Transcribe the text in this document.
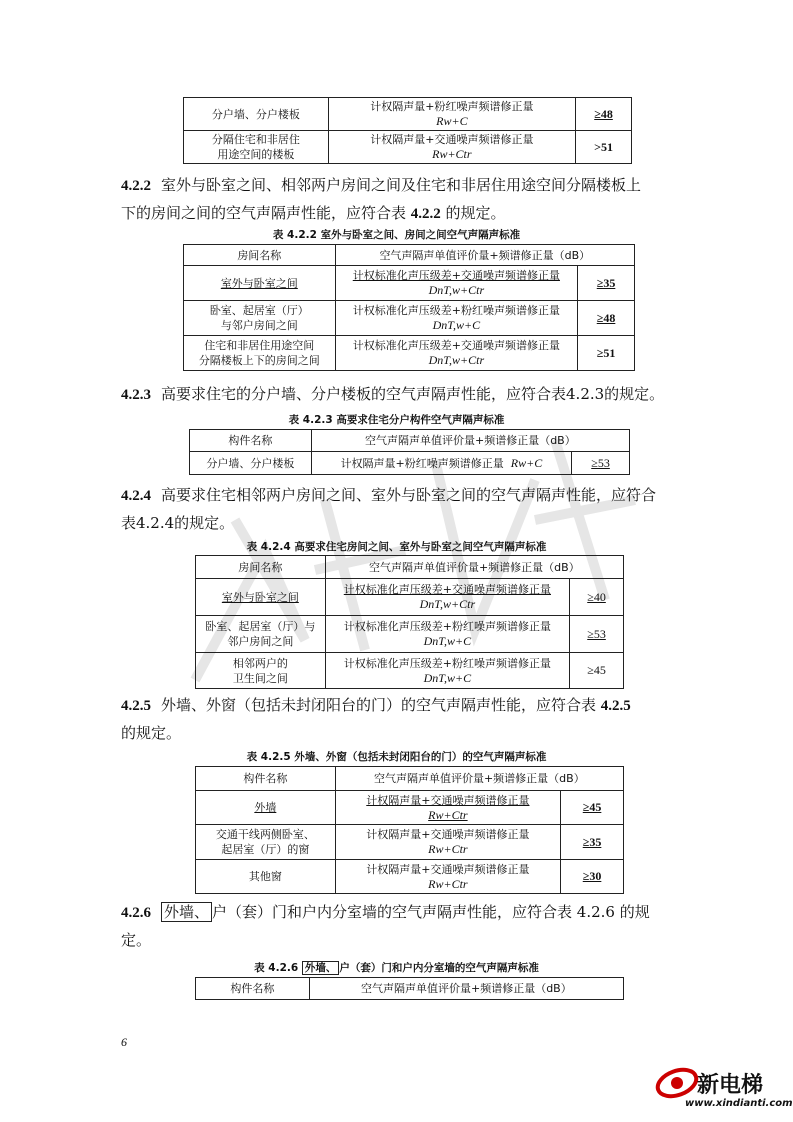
分户墙、分户楼板	计权隔声量+粉红噪声频谱修正量
Rw+C	≥48
分隔住宅和非居住
用途空间的楼板	计权隔声量+交通噪声频谱修正量
Rw+Ctr	>51
4.2.2 室外与卧室之间、相邻两户房间之间及住宅和非居住用途空间分隔楼板上
下的房间之间的空气声隔声性能，应符合表 4.2.2 的规定。
表 4.2.2 室外与卧室之间、房间之间空气声隔声标准
房间名称	空气声隔声单值评价量+频谱修正量（dB）	
室外与卧室之间	计权标准化声压级差+交通噪声频谱修正量
DnT,w+Ctr	≥35
卧室、起居室（厅）
与邻户房间之间	计权标准化声压级差+粉红噪声频谱修正量
DnT,w+C	≥48
住宅和非居住用途空间
分隔楼板上下的房间之间	计权标准化声压级差+交通噪声频谱修正量
DnT,w+Ctr	≥51
4.2.3 高要求住宅的分户墙、分户楼板的空气声隔声性能，应符合表4.2.3的规定。
表 4.2.3 高要求住宅分户构件空气声隔声标准
构件名称	空气声隔声单值评价量+频谱修正量（dB）	
分户墙、分户楼板	计权隔声量+粉红噪声频谱修正量 Rw+C	≥53
4.2.4 高要求住宅相邻两户房间之间、室外与卧室之间的空气声隔声性能，应符合
表4.2.4的规定。
表 4.2.4 高要求住宅房间之间、室外与卧室之间空气声隔声标准
房间名称	空气声隔声单值评价量+频谱修正量（dB）	
室外与卧室之间	计权标准化声压级差+交通噪声频谱修正量
DnT,w+Ctr	≥40
卧室、起居室（厅）与
邻户房间之间	计权标准化声压级差+粉红噪声频谱修正量
DnT,w+C	≥53
相邻两户的
卫生间之间	计权标准化声压级差+粉红噪声频谱修正量
DnT,w+C	≥45
4.2.5 外墙、外窗（包括未封闭阳台的门）的空气声隔声性能，应符合表 4.2.5
的规定。
表 4.2.5 外墙、外窗（包括未封闭阳台的门）的空气声隔声标准
构件名称	空气声隔声单值评价量+频谱修正量（dB）	
外墙	计权隔声量+交通噪声频谱修正量
Rw+Ctr	≥45
交通干线两侧卧室、
起居室（厅）的窗	计权隔声量+交通噪声频谱修正量
Rw+Ctr	≥35
其他窗	计权隔声量+交通噪声频谱修正量
Rw+Ctr	≥30
4.2.6 外墙、 户（套）门和户内分室墙的空气声隔声性能，应符合表 4.2.6 的规
定。
表 4.2.6 外墙、 户（套）门和户内分室墙的空气声隔声标准
构件名称	空气声隔声单值评价量+频谱修正量（dB）
6
新电梯
www.xindianti.com
